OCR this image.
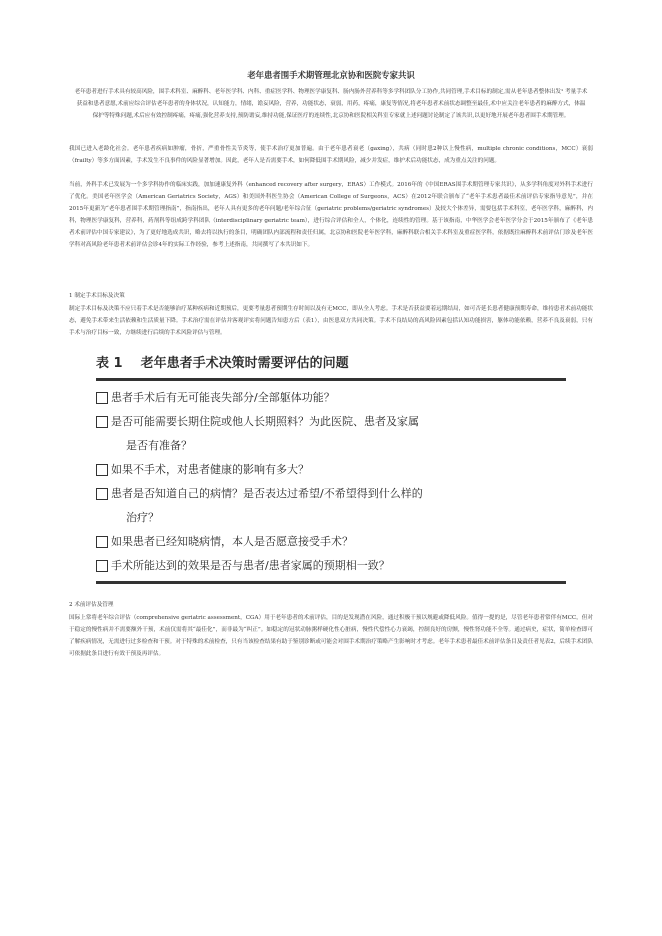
老年患者围手术期管理北京协和医院专家共识

老年患者进行手术具有较高风险，围手术科室、麻醉科、老年医学科、内科、重症医学科、物理医学康复科、肠内肠外营养科等多学科团队分工协作,共同管理,手术目标的制定,需从老年患者整体出发¹ 考量手术获益和患者意愿,术前应综合评估老年患者的身体状况，认知能力，情绪，谵妄风险，营养，功能状态，衰弱，用药，疼痛，康复等情况,将老年患者术前状态调整至最佳,术中应关注老年患者的麻醉方式，体温保护等特殊问题,术后应有效控制疼痛，疼痛,强化营养支持,预防谵妄,维持功能,保证医疗的连续性,北京协和医院相关科室专家就上述问题讨论制定了该共识,以更好地开展老年患者围手术期管理。

我国已进入老龄化社会。老年患者疾病如肿瘤，骨折，严重骨性关节炎等，使手术治疗更加普遍。由于老年患者衰老（gaxing），共病（同时患2种以上慢性病，multiple chronic conditions，MCC）衰弱（frailty）等多方面因素，手术发生不良事件的风险显著增加。因此，老年人是否需要手术，如何降低围手术期风险，减少并发症，维护术后功能状态，成为重点关注的问题。

当前，外科手术已发展为一个多学科协作的临床实践，加加速康复外科（enhanced recovery after surgery，ERAS）工作模式。2016年的《中国ERAS围手术期管理专家共识》，从多学科角度对外科手术进行了优化。美国老年医学会（American Geriatrics Society，AGS）和美国外科医生协会（American College of Surgeons，ACS）在2012年联合颁布了“老年手术患者最佳术前评估专家指导意见”，并在2015年更新为“老年患者围手术期管理指南”，指南指出，老年人具有更多的老年问题/老年综合征（geriatric problems/geriatric syndromes）及较大个体差异，需要包括手术科室，老年医学科，麻醉科，内科，物理医学康复科，营养科，药剂科等组成跨学科团队（interdisciplinary geriatric team），进行综合评估和全人，个体化，连续性的管理。基于该指南，中华医学会老年医学分会于2015年颁布了《老年患者术前评估中国专家建议》，为了更好地选成共识，略去将以执行的条目，明确团队内部流程和责任归属，北京协和医院老年医学科，麻醉科联合相关手术科室及重症医学科，依据既往麻醉科术前评估门诊及老年医学科对高风险老年患者术前评估会诊4年的实际工作经验，参考上述指南，共同撰写了本共识如下。

1 制定手术目标及决策

制定手术目标及决策不应只着手术是否能够治疗某种疾病和近期预后，更要考量患者预期生存时间以及有无MCC，即从全人考虑。手术是否获益要着远期结局，如可否延长患者健康预期寿命，维持患者术前功能状态，避免手术带来生活依赖和生活质量下降。手术治疗需在评估并客观评实将问题告知患方后（表1），由医患双方共同决策。手术不良结局的高风险因素包括认知功能损害，躯体功能依赖，营养不良及衰弱，只有手术与治疗目标一致，方继续进行后续的手术风险评估与管理。

表 1 老年患者手术决策时需要评估的问题
患者手术后有无可能丧失部分/全部躯体功能？
是否可能需要长期住院或他人长期照料？为此医院、患者及家属
是否有准备？
如果不手术，对患者健康的影响有多大？
患者是否知道自己的病情？是否表达过希望/不希望得到什么样的
治疗？
如果患者已经知晓病情，本人是否愿意接受手术？
手术所能达到的效果是否与患者/患者家属的预期相一致？
2 术前评估及管理

国际上常将老年综合评估（comprehensive geriatric assessment，CGA）用于老年患者的术前评估，目的是发现潜在风险，通过积极干预以规避或降低风险。值得一提的是，尽管老年患者常伴有MCC，但对于稳定的慢性病并不需要额外干预，术前仅需将其“最佳化”，而非最为“纠正”。如稳定的冠状动脉粥样硬化性心脏病，慢性代偿性心力衰竭，控制良好的房颤，慢性肾功能不全等。通过病史，症状，简单检查即可了解疾病情况，无需进行过多检查和干预。对于特殊的术前检查，只有当该检查结果有助于鉴别诊断或可能会对围手术期治疗策略产生影响时才考虑。老年手术患者最佳术前评估条目及责任者见表2，后续手术团队可依据此条目进行有效干预及再评估。
